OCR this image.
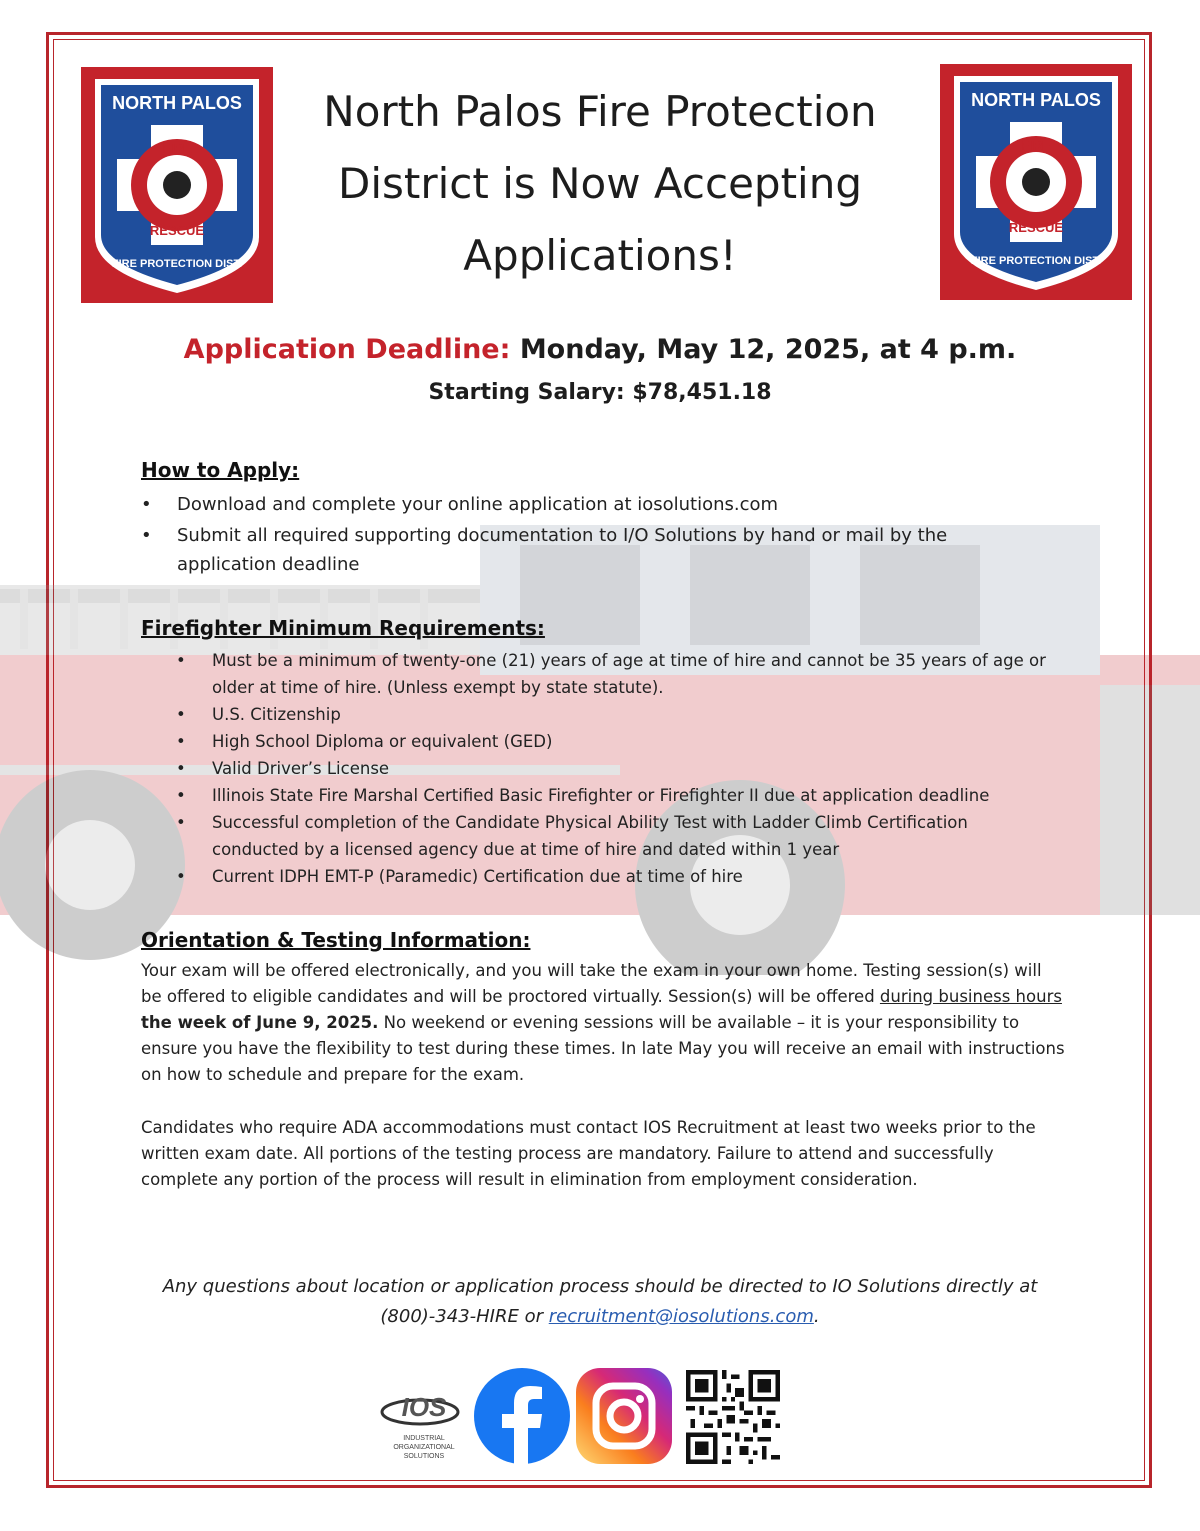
NORTH PALOS
FIRE
RESCUE
FIRE PROTECTION DIST.
NORTH PALOS
FIRE
RESCUE
FIRE PROTECTION DIST.
North Palos Fire Protection
District is Now Accepting
Applications!
Application Deadline: Monday, May 12, 2025, at 4 p.m.
Starting Salary: $78,451.18
How to Apply:
• Download and complete your online application at iosolutions.com
• Submit all required supporting documentation to I/O Solutions by hand or mail by the application deadline
Firefighter Minimum Requirements:
• Must be a minimum of twenty-one (21) years of age at time of hire and cannot be 35 years of age or older at time of hire. (Unless exempt by state statute).
• U.S. Citizenship
• High School Diploma or equivalent (GED)
• Valid Driver’s License
• Illinois State Fire Marshal Certified Basic Firefighter or Firefighter II due at application deadline
• Successful completion of the Candidate Physical Ability Test with Ladder Climb Certification conducted by a licensed agency due at time of hire and dated within 1 year
• Current IDPH EMT-P (Paramedic) Certification due at time of hire
Orientation & Testing Information:
Your exam will be offered electronically, and you will take the exam in your own home. Testing session(s) will be offered to eligible candidates and will be proctored virtually. Session(s) will be offered during business hours the week of June 9, 2025. No weekend or evening sessions will be available – it is your responsibility to ensure you have the flexibility to test during these times. In late May you will receive an email with instructions on how to schedule and prepare for the exam.
Candidates who require ADA accommodations must contact IOS Recruitment at least two weeks prior to the written exam date. All portions of the testing process are mandatory. Failure to attend and successfully complete any portion of the process will result in elimination from employment consideration.
Any questions about location or application process should be directed to IO Solutions directly at (800)-343-HIRE or recruitment@iosolutions.com.
IOS
INDUSTRIAL
ORGANIZATIONAL
SOLUTIONS
